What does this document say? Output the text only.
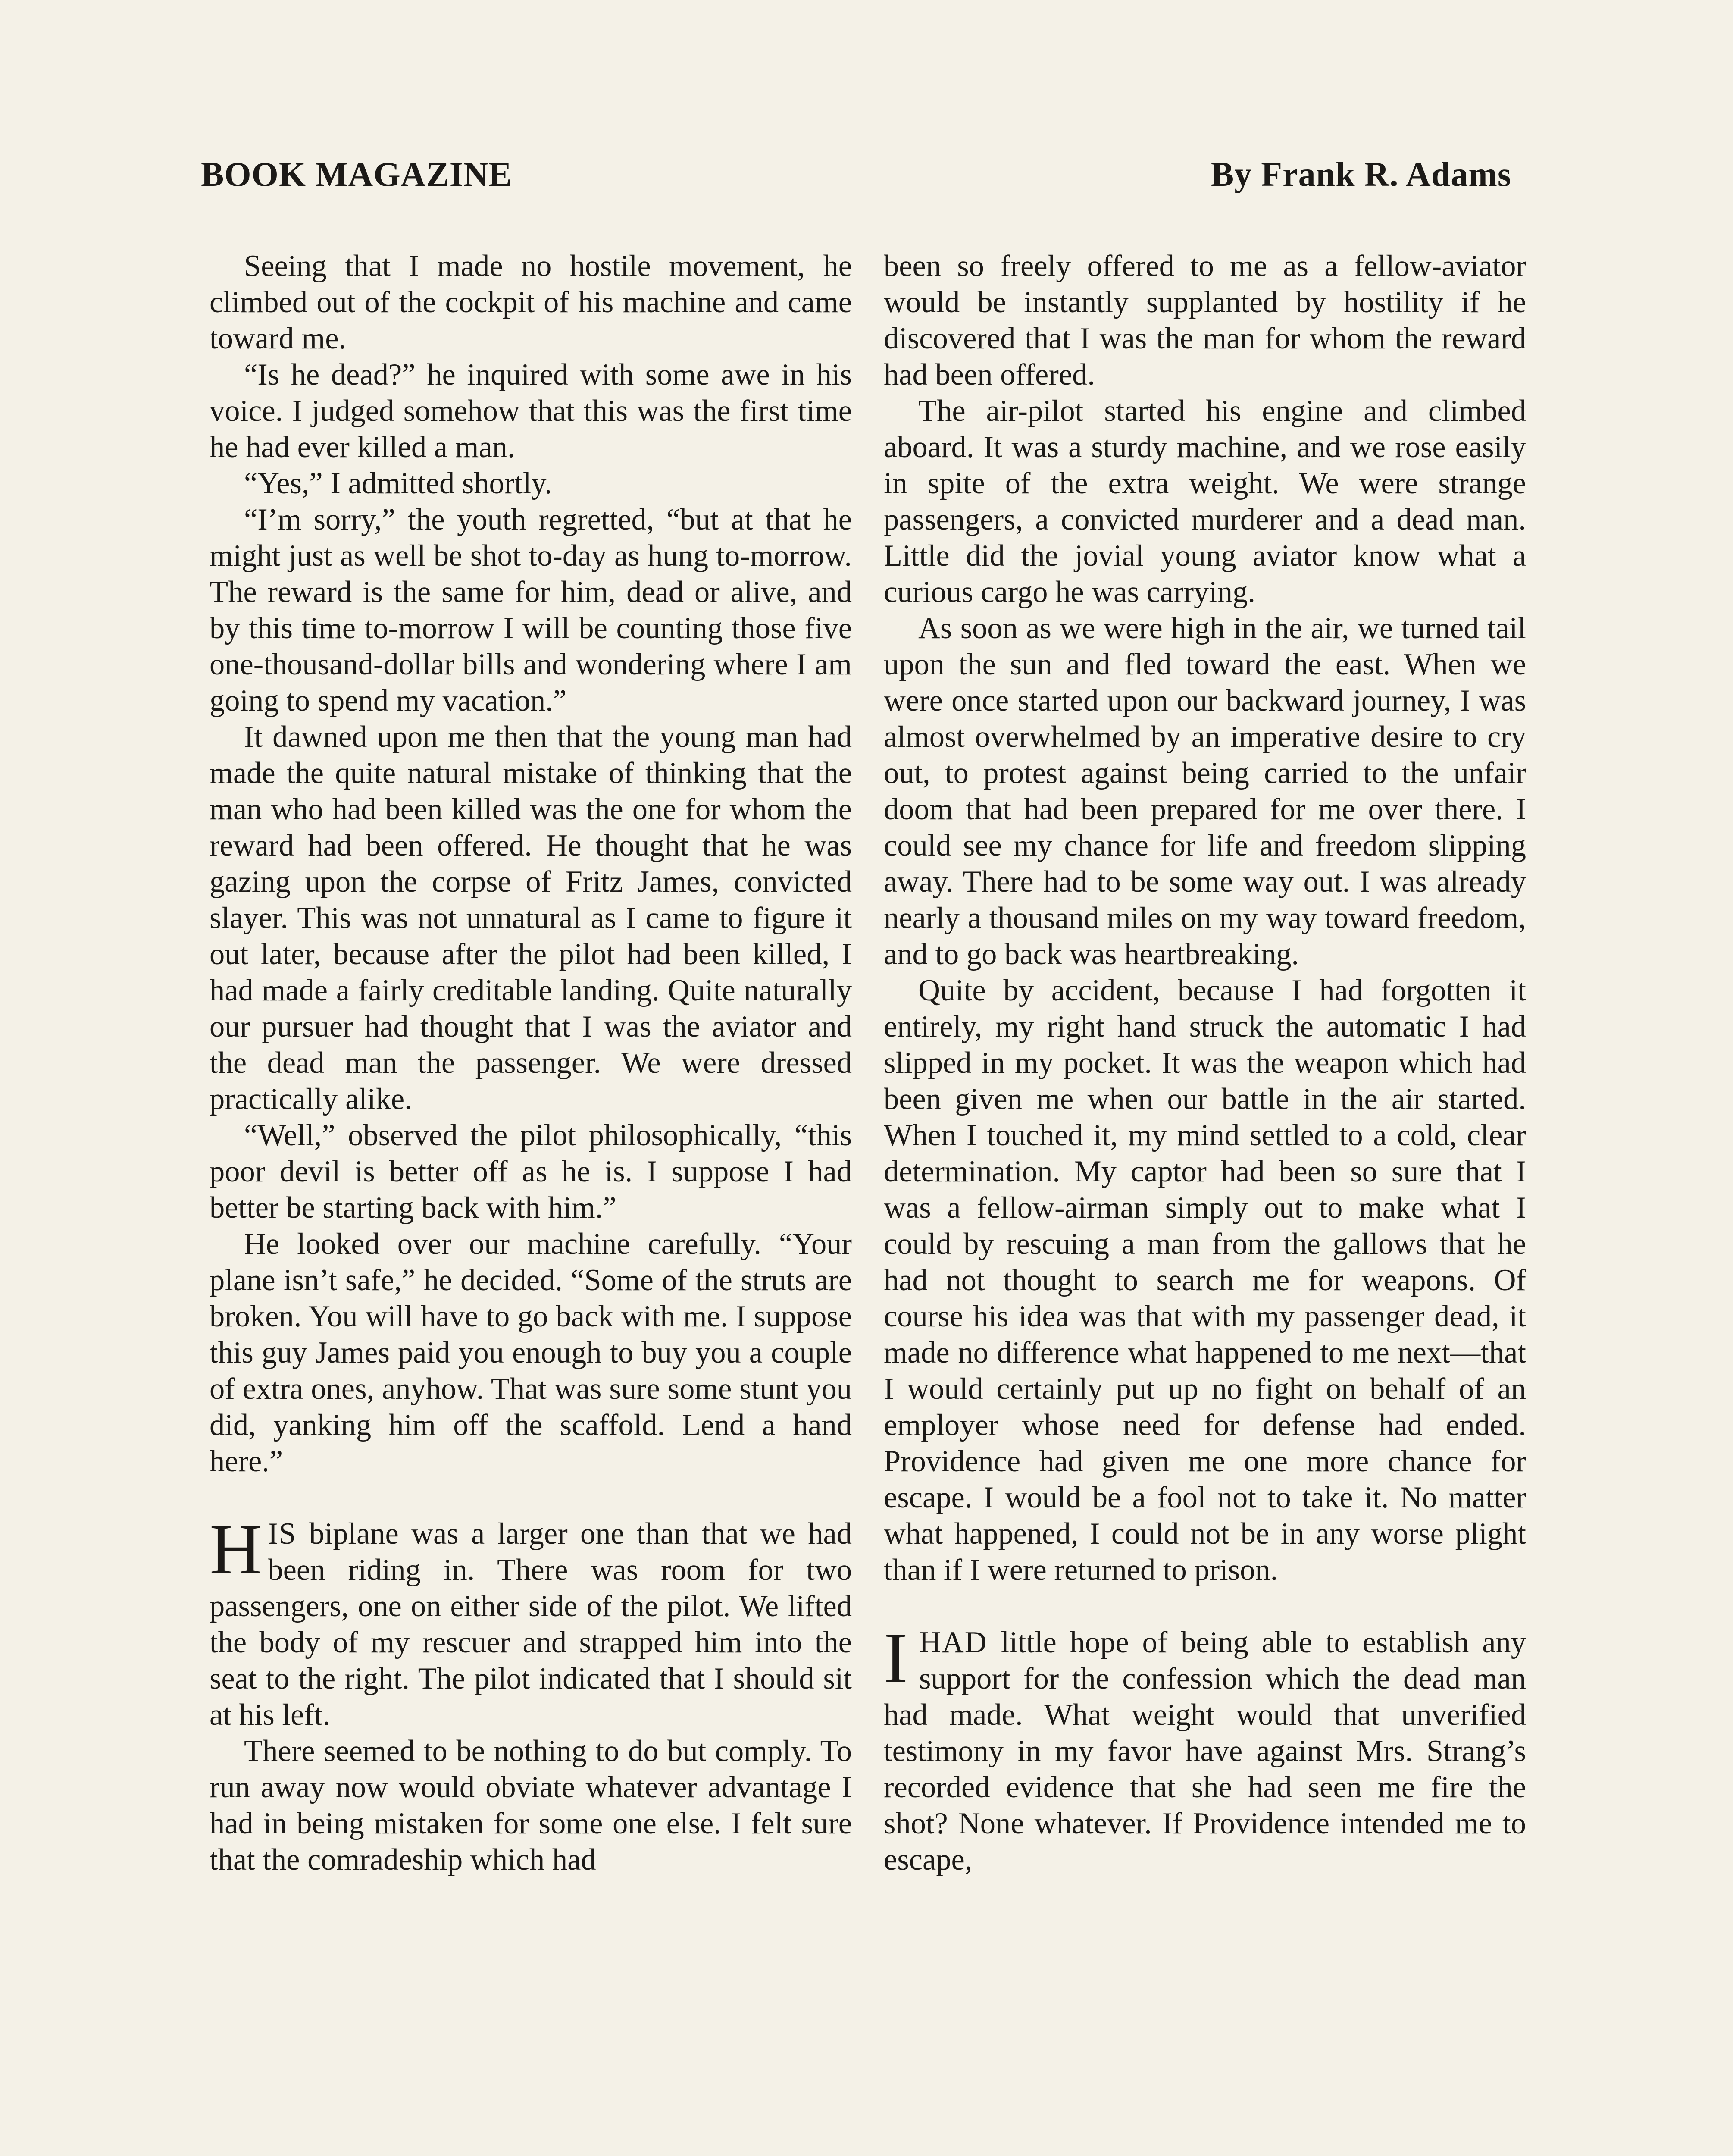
BOOK MAGAZINE	By Frank R. Adams

Seeing that I made no hostile movement, he climbed out of the cockpit of his machine and came toward me.

“Is he dead?” he inquired with some awe in his voice. I judged somehow that this was the first time he had ever killed a man.

“Yes,” I admitted shortly.

“I’m sorry,” the youth regretted, “but at that he might just as well be shot to-day as hung to-morrow. The reward is the same for him, dead or alive, and by this time to-morrow I will be counting those five one-thousand-dollar bills and wondering where I am going to spend my vacation.”

It dawned upon me then that the young man had made the quite natural mistake of thinking that the man who had been killed was the one for whom the reward had been offered. He thought that he was gazing upon the corpse of Fritz James, convicted slayer. This was not unnatural as I came to figure it out later, because after the pilot had been killed, I had made a fairly creditable landing. Quite naturally our pursuer had thought that I was the aviator and the dead man the passenger. We were dressed practically alike.

“Well,” observed the pilot philosophically, “this poor devil is better off as he is. I suppose I had better be starting back with him.”

He looked over our machine carefully. “Your plane isn’t safe,” he decided. “Some of the struts are broken. You will have to go back with me. I suppose this guy James paid you enough to buy you a couple of extra ones, anyhow. That was sure some stunt you did, yanking him off the scaffold. Lend a hand here.”

HIS biplane was a larger one than that we had been riding in. There was room for two passengers, one on either side of the pilot. We lifted the body of my rescuer and strapped him into the seat to the right. The pilot indicated that I should sit at his left.

There seemed to be nothing to do but comply. To run away now would obviate whatever advantage I had in being mistaken for some one else. I felt sure that the comradeship which had

been so freely offered to me as a fellow-aviator would be instantly supplanted by hostility if he discovered that I was the man for whom the reward had been offered.

The air-pilot started his engine and climbed aboard. It was a sturdy machine, and we rose easily in spite of the extra weight. We were strange passengers, a convicted murderer and a dead man. Little did the jovial young aviator know what a curious cargo he was carrying.

As soon as we were high in the air, we turned tail upon the sun and fled toward the east. When we were once started upon our backward journey, I was almost overwhelmed by an imperative desire to cry out, to protest against being carried to the unfair doom that had been prepared for me over there. I could see my chance for life and freedom slipping away. There had to be some way out. I was already nearly a thousand miles on my way toward freedom, and to go back was heartbreaking.

Quite by accident, because I had forgotten it entirely, my right hand struck the automatic I had slipped in my pocket. It was the weapon which had been given me when our battle in the air started. When I touched it, my mind settled to a cold, clear determination. My captor had been so sure that I was a fellow-airman simply out to make what I could by rescuing a man from the gallows that he had not thought to search me for weapons. Of course his idea was that with my passenger dead, it made no difference what happened to me next—that I would certainly put up no fight on behalf of an employer whose need for defense had ended. Providence had given me one more chance for escape. I would be a fool not to take it. No matter what happened, I could not be in any worse plight than if I were returned to prison.

I HAD little hope of being able to establish any support for the confession which the dead man had made. What weight would that unverified testimony in my favor have against Mrs. Strang’s recorded evidence that she had seen me fire the shot? None whatever. If Providence intended me to escape,
